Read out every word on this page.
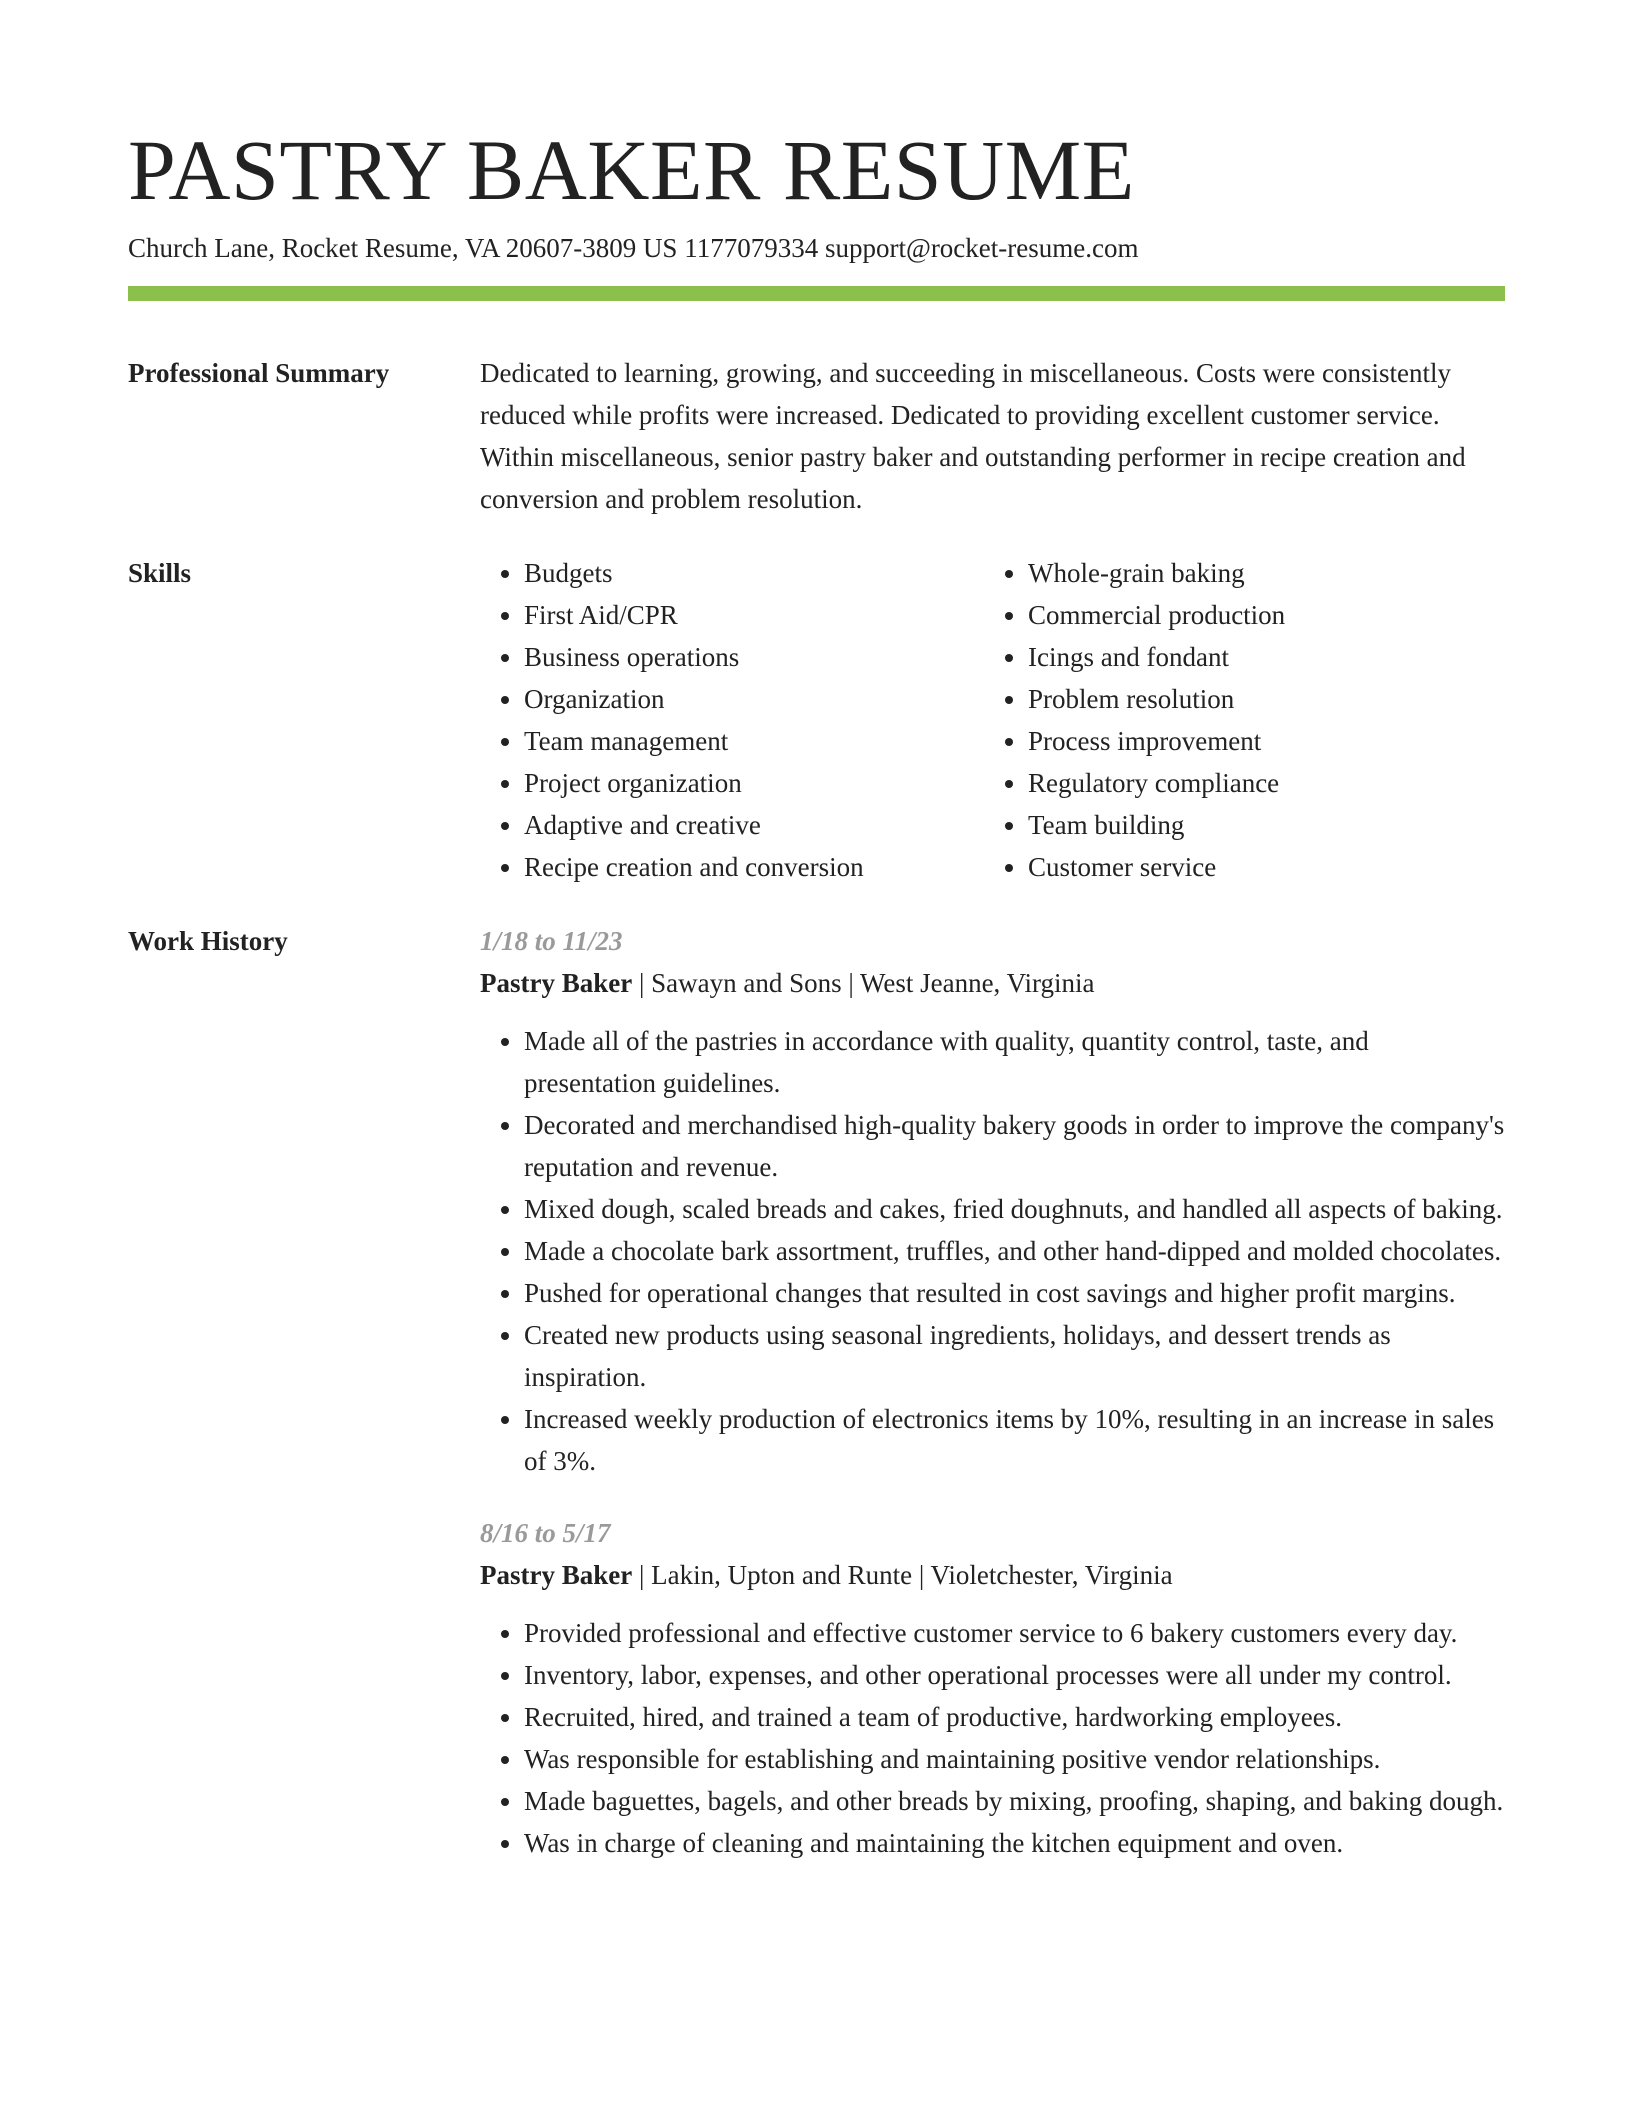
PASTRY BAKER RESUME
Church Lane, Rocket Resume, VA 20607-3809 US 1177079334 support@rocket-resume.com
Professional Summary	Dedicated to learning, growing, and succeeding in miscellaneous. Costs were consistently reduced while profits were increased. Dedicated to providing excellent customer service. Within miscellaneous, senior pastry baker and outstanding performer in recipe creation and conversion and problem resolution.

Skills
•	Budgets
• First Aid/CPR
• Business operations
• Organization
• Team management
• Project organization
• Adaptive and creative
• Recipe creation and conversion
• Whole-grain baking
• Commercial production
• Icings and fondant
• Problem resolution
• Process improvement
• Regulatory compliance
• Team building
• Customer service
Work History	1/18 to 11/23
Pastry Baker | Sawayn and Sons | West Jeanne, Virginia
• Made all of the pastries in accordance with quality, quantity control, taste, and presentation guidelines.
• Decorated and merchandised high-quality bakery goods in order to improve the company's reputation and revenue.
• Mixed dough, scaled breads and cakes, fried doughnuts, and handled all aspects of baking.
• Made a chocolate bark assortment, truffles, and other hand-dipped and molded chocolates.
• Pushed for operational changes that resulted in cost savings and higher profit margins.
• Created new products using seasonal ingredients, holidays, and dessert trends as inspiration.
• Increased weekly production of electronics items by 10%, resulting in an increase in sales of 3%.
8/16 to 5/17
Pastry Baker | Lakin, Upton and Runte | Violetchester, Virginia
• Provided professional and effective customer service to 6 bakery customers every day.
• Inventory, labor, expenses, and other operational processes were all under my control.
• Recruited, hired, and trained a team of productive, hardworking employees.
• Was responsible for establishing and maintaining positive vendor relationships.
• Made baguettes, bagels, and other breads by mixing, proofing, shaping, and baking dough.
• Was in charge of cleaning and maintaining the kitchen equipment and oven.
